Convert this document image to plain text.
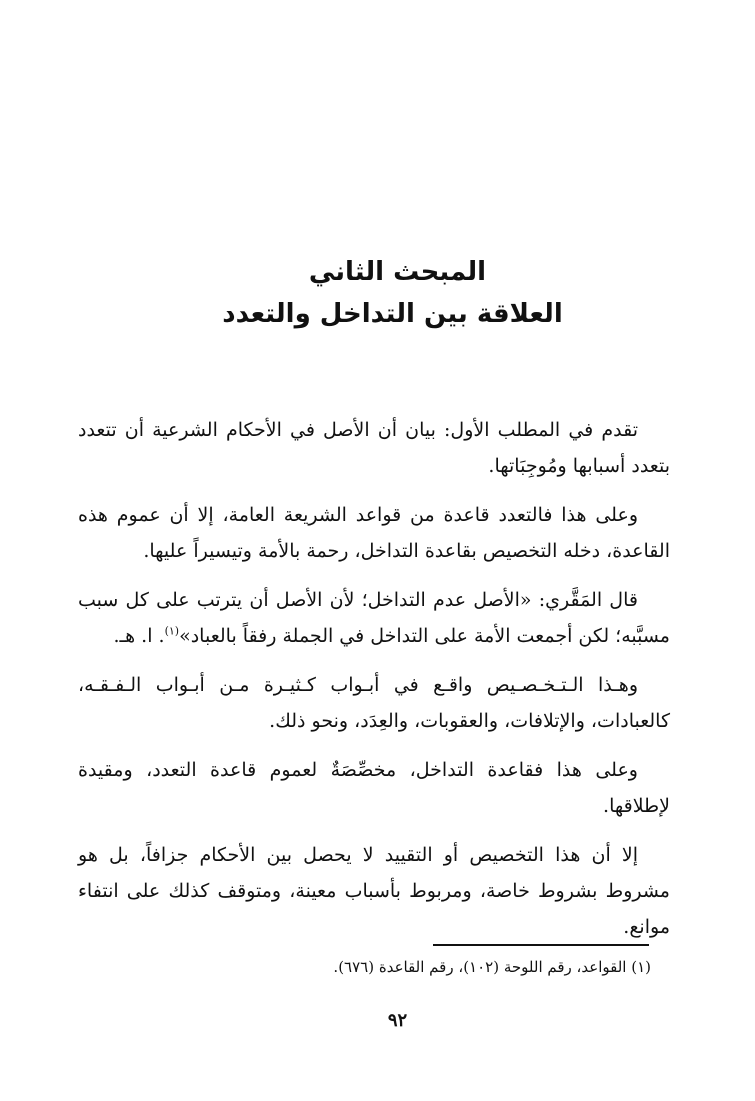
المبحث الثاني
العلاقة بين التداخل والتعدد

تقدم في المطلب الأول: بيان أن الأصل في الأحكام الشرعية أن تتعدد بتعدد أسبابها ومُوجِبَاتها.

وعلى هذا فالتعدد قاعدة من قواعد الشريعة العامة، إلا أن عموم هذه القاعدة، دخله التخصيص بقاعدة التداخل، رحمة بالأمة وتيسيراً عليها.

قال المَقَّري: «الأصل عدم التداخل؛ لأن الأصل أن يترتب على كل سبب مسبَّبه؛ لكن أجمعت الأمة على التداخل في الجملة رفقاً بالعباد»$^{(١)}$. ا. هـ.

وهـذا الـتـخـصـيص واقـع في أبـواب كـثيـرة مـن أبـواب الـفـقـه، كالعبادات، والإتلافات، والعقوبات، والعِدَد، ونحو ذلك.

وعلى هذا فقاعدة التداخل، مخصِّصَةٌ لعموم قاعدة التعدد، ومقيدة لإطلاقها.

إلا أن هذا التخصيص أو التقييد لا يحصل بين الأحكام جزافاً، بل هو مشروط بشروط خاصة، ومربوط بأسباب معينة، ومتوقف كذلك على انتفاء موانع.

(١) القواعد، رقم اللوحة (١٠٢)، رقم القاعدة (٦٧٦).
٩٢
